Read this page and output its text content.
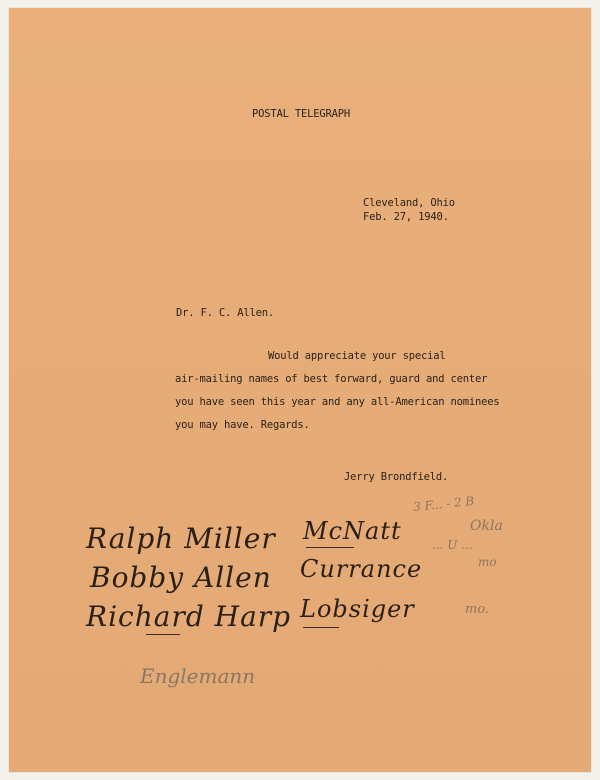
POSTAL TELEGRAPH
Cleveland, Ohio
Feb. 27, 1940.
Dr. F. C. Allen.
Would appreciate your special
air-mailing names of best forward, guard and center
you have seen this year and any all-American nominees
you may have. Regards.
Jerry Brondfield.
Ralph Miller
Bobby Allen
Richard Harp
McNatt
Currance
Lobsiger
3 F... - 2 B
Okla
... U ...
mo
mo.
Englemann
